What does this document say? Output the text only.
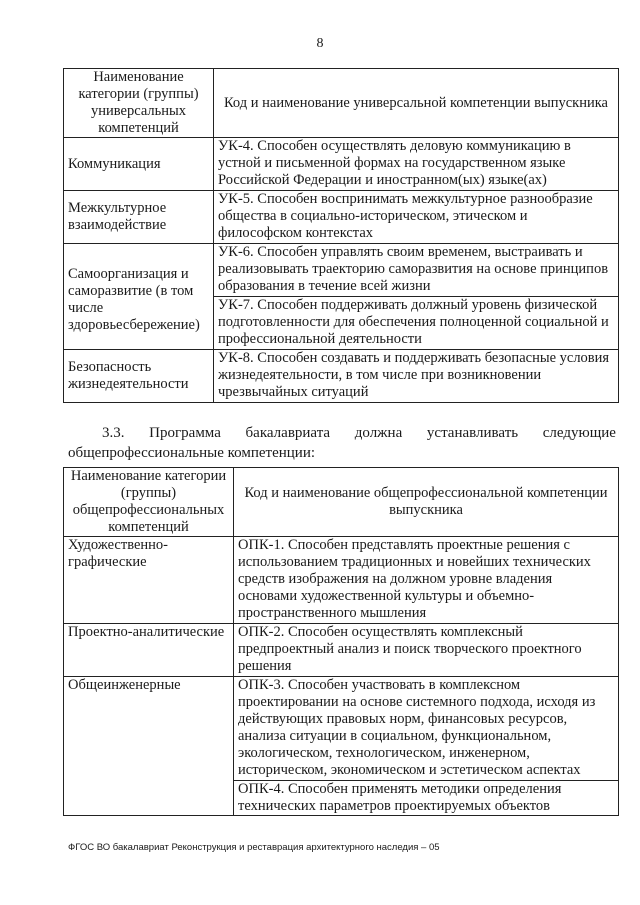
8
Наименование категории (группы) универсальных компетенций	Код и наименование универсальной компетенции выпускника
Коммуникация	УК-4. Способен осуществлять деловую коммуникацию в устной и письменной формах на государственном языке Российской Федерации и иностранном(ых) языке(ах)
Межкультурное взаимодействие	УК-5. Способен воспринимать межкультурное разнообразие общества в социально-историческом, этическом и философском контекстах
Самоорганизация и саморазвитие (в том числе здоровьесбережение)	УК-6. Способен управлять своим временем, выстраивать и реализовывать траекторию саморазвития на основе принципов образования в течение всей жизни
	УК-7. Способен поддерживать должный уровень физической подготовленности для обеспечения полноценной социальной и профессиональной деятельности
Безопасность жизнедеятельности	УК-8. Способен создавать и поддерживать безопасные условия жизнедеятельности, в том числе при возникновении чрезвычайных ситуаций
3.3. Программа бакалавриата должна устанавливать следующие
общепрофессиональные компетенции:
Наименование категории (группы) общепрофессиональных компетенций	Код и наименование общепрофессиональной компетенции выпускника
Художественно-графические	ОПК-1. Способен представлять проектные решения с использованием традиционных и новейших технических средств изображения на должном уровне владения основами художественной культуры и объемно-пространственного мышления
Проектно-аналитические	ОПК-2. Способен осуществлять комплексный предпроектный анализ и поиск творческого проектного решения
Общеинженерные	ОПК-3. Способен участвовать в комплексном проектировании на основе системного подхода, исходя из действующих правовых норм, финансовых ресурсов, анализа ситуации в социальном, функциональном, экологическом, технологическом, инженерном, историческом, экономическом и эстетическом аспектах
	ОПК-4. Способен применять методики определения технических параметров проектируемых объектов
ФГОС ВО бакалавриат Реконструкция и реставрация архитектурного наследия – 05
